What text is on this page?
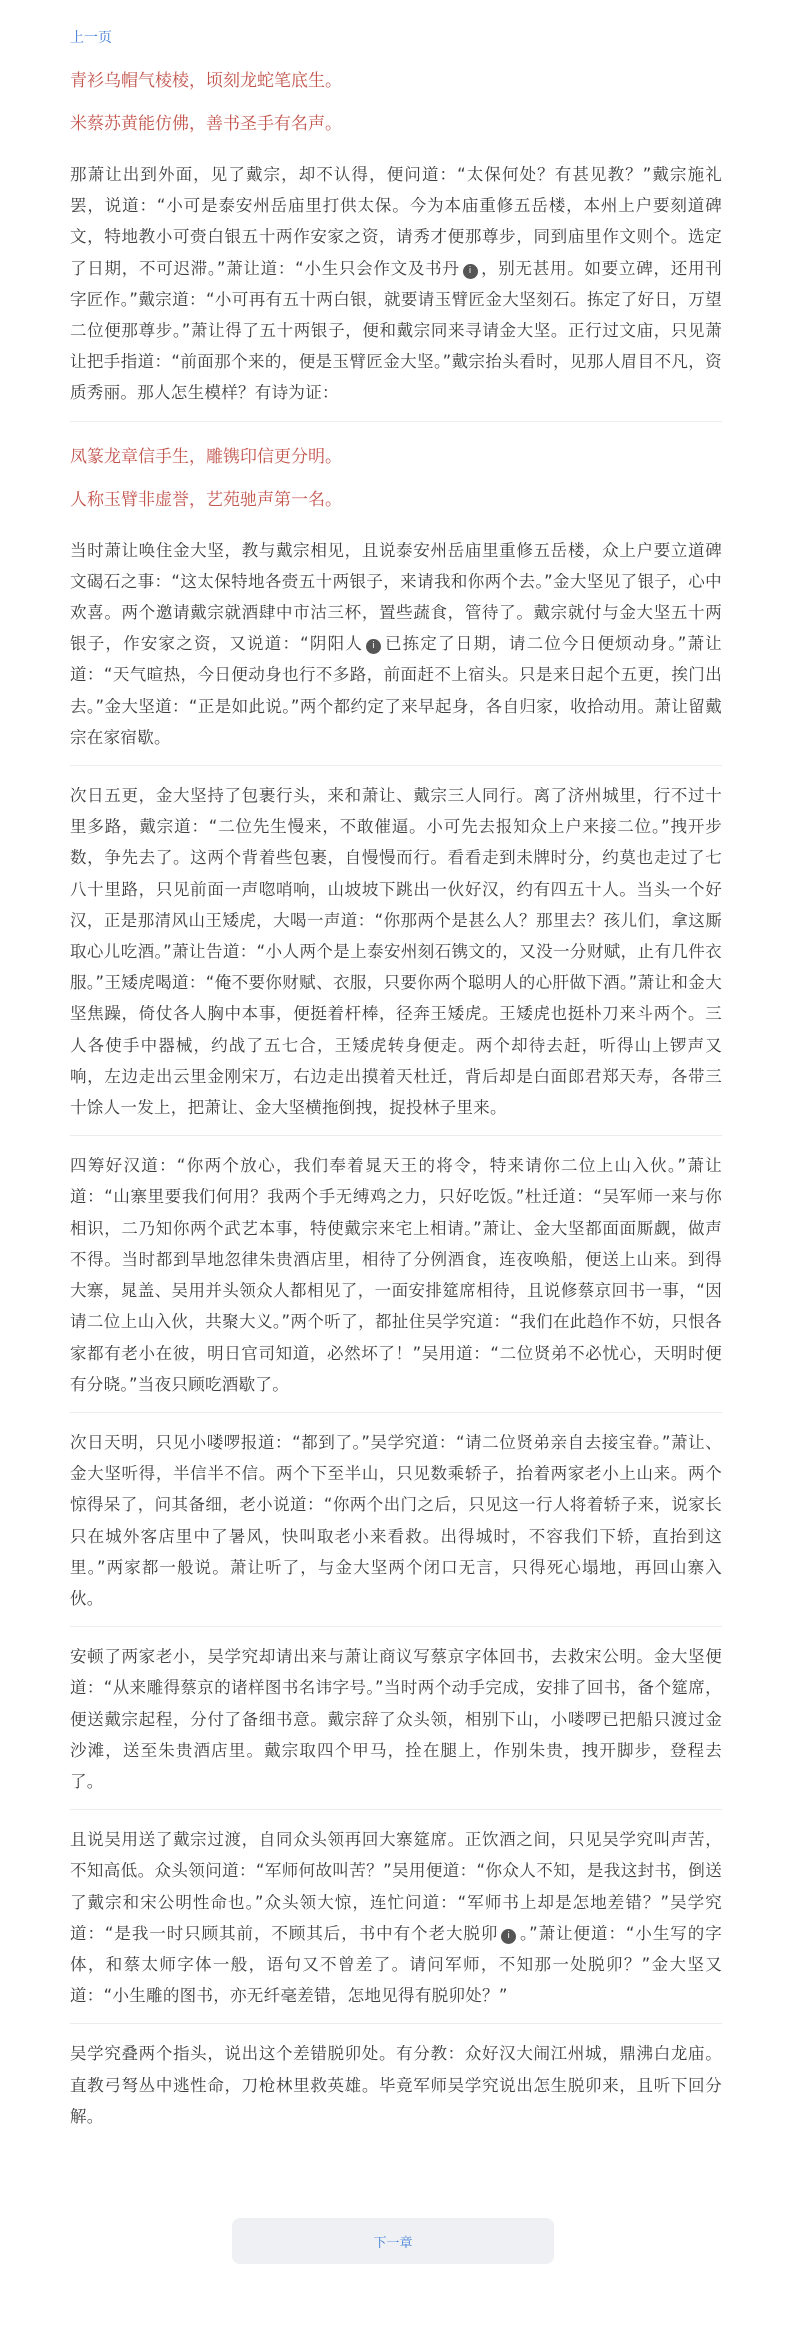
上一页

青衫乌帽气棱棱，顷刻龙蛇笔底生。

米蔡苏黄能仿佛，善书圣手有名声。

那萧让出到外面，见了戴宗，却不认得，便问道：“太保何处？有甚见教？”戴宗施礼罢，说道：“小可是泰安州岳庙里打供太保。今为本庙重修五岳楼，本州上户要刻道碑文，特地教小可赍白银五十两作安家之资，请秀才便那尊步，同到庙里作文则个。选定了日期，不可迟滞。”萧让道：“小生只会作文及书丹 i ，别无甚用。如要立碑，还用刊字匠作。”戴宗道：“小可再有五十两白银，就要请玉臂匠金大坚刻石。拣定了好日，万望二位便那尊步。”萧让得了五十两银子，便和戴宗同来寻请金大坚。正行过文庙，只见萧让把手指道：“前面那个来的，便是玉臂匠金大坚。”戴宗抬头看时，见那人眉目不凡，资质秀丽。那人怎生模样？有诗为证：

凤篆龙章信手生，雕镌印信更分明。

人称玉臂非虚誉，艺苑驰声第一名。

当时萧让唤住金大坚，教与戴宗相见，且说泰安州岳庙里重修五岳楼，众上户要立道碑文碣石之事：“这太保特地各赍五十两银子，来请我和你两个去。”金大坚见了银子，心中欢喜。两个邀请戴宗就酒肆中市沽三杯，置些蔬食，管待了。戴宗就付与金大坚五十两银子，作安家之资，又说道：“阴阳人 i 已拣定了日期，请二位今日便烦动身。”萧让道：“天气暄热，今日便动身也行不多路，前面赶不上宿头。只是来日起个五更，挨门出去。”金大坚道：“正是如此说。”两个都约定了来早起身，各自归家，收拾动用。萧让留戴宗在家宿歇。

次日五更，金大坚持了包裹行头，来和萧让、戴宗三人同行。离了济州城里，行不过十里多路，戴宗道：“二位先生慢来，不敢催逼。小可先去报知众上户来接二位。”拽开步数，争先去了。这两个背着些包裹，自慢慢而行。看看走到未牌时分，约莫也走过了七八十里路，只见前面一声唿哨响，山坡坡下跳出一伙好汉，约有四五十人。当头一个好汉，正是那清风山王矮虎，大喝一声道：“你那两个是甚么人？那里去？孩儿们，拿这厮取心儿吃酒。”萧让告道：“小人两个是上泰安州刻石镌文的，又没一分财赋，止有几件衣服。”王矮虎喝道：“俺不要你财赋、衣服，只要你两个聪明人的心肝做下酒。”萧让和金大坚焦躁，倚仗各人胸中本事，便挺着杆棒，径奔王矮虎。王矮虎也挺朴刀来斗两个。三人各使手中器械，约战了五七合，王矮虎转身便走。两个却待去赶，听得山上锣声又响，左边走出云里金刚宋万，右边走出摸着天杜迁，背后却是白面郎君郑天寿，各带三十馀人一发上，把萧让、金大坚横拖倒拽，捉投林子里来。

四筹好汉道：“你两个放心，我们奉着晁天王的将令，特来请你二位上山入伙。”萧让道：“山寨里要我们何用？我两个手无缚鸡之力，只好吃饭。”杜迁道：“吴军师一来与你相识，二乃知你两个武艺本事，特使戴宗来宅上相请。”萧让、金大坚都面面厮觑，做声不得。当时都到旱地忽律朱贵酒店里，相待了分例酒食，连夜唤船，便送上山来。到得大寨，晁盖、吴用并头领众人都相见了，一面安排筵席相待，且说修蔡京回书一事，“因请二位上山入伙，共聚大义。”两个听了，都扯住吴学究道：“我们在此趋作不妨，只恨各家都有老小在彼，明日官司知道，必然坏了！”吴用道：“二位贤弟不必忧心，天明时便有分晓。”当夜只顾吃酒歇了。

次日天明，只见小喽啰报道：“都到了。”吴学究道：“请二位贤弟亲自去接宝眷。”萧让、金大坚听得，半信半不信。两个下至半山，只见数乘轿子，抬着两家老小上山来。两个惊得呆了，问其备细，老小说道：“你两个出门之后，只见这一行人将着轿子来，说家长只在城外客店里中了暑风，快叫取老小来看救。出得城时，不容我们下轿，直抬到这里。”两家都一般说。萧让听了，与金大坚两个闭口无言，只得死心塌地，再回山寨入伙。

安顿了两家老小，吴学究却请出来与萧让商议写蔡京字体回书，去救宋公明。金大坚便道：“从来雕得蔡京的诸样图书名讳字号。”当时两个动手完成，安排了回书，备个筵席，便送戴宗起程，分付了备细书意。戴宗辞了众头领，相别下山，小喽啰已把船只渡过金沙滩，送至朱贵酒店里。戴宗取四个甲马，拴在腿上，作别朱贵，拽开脚步，登程去了。

且说吴用送了戴宗过渡，自同众头领再回大寨筵席。正饮酒之间，只见吴学究叫声苦，不知高低。众头领问道：“军师何故叫苦？”吴用便道：“你众人不知，是我这封书，倒送了戴宗和宋公明性命也。”众头领大惊，连忙问道：“军师书上却是怎地差错？”吴学究道：“是我一时只顾其前，不顾其后，书中有个老大脱卯 i 。”萧让便道：“小生写的字体，和蔡太师字体一般，语句又不曾差了。请问军师，不知那一处脱卯？”金大坚又道：“小生雕的图书，亦无纤毫差错，怎地见得有脱卯处？”

吴学究叠两个指头，说出这个差错脱卯处。有分教：众好汉大闹江州城，鼎沸白龙庙。直教弓弩丛中逃性命，刀枪林里救英雄。毕竟军师吴学究说出怎生脱卯来，且听下回分解。

下一章
